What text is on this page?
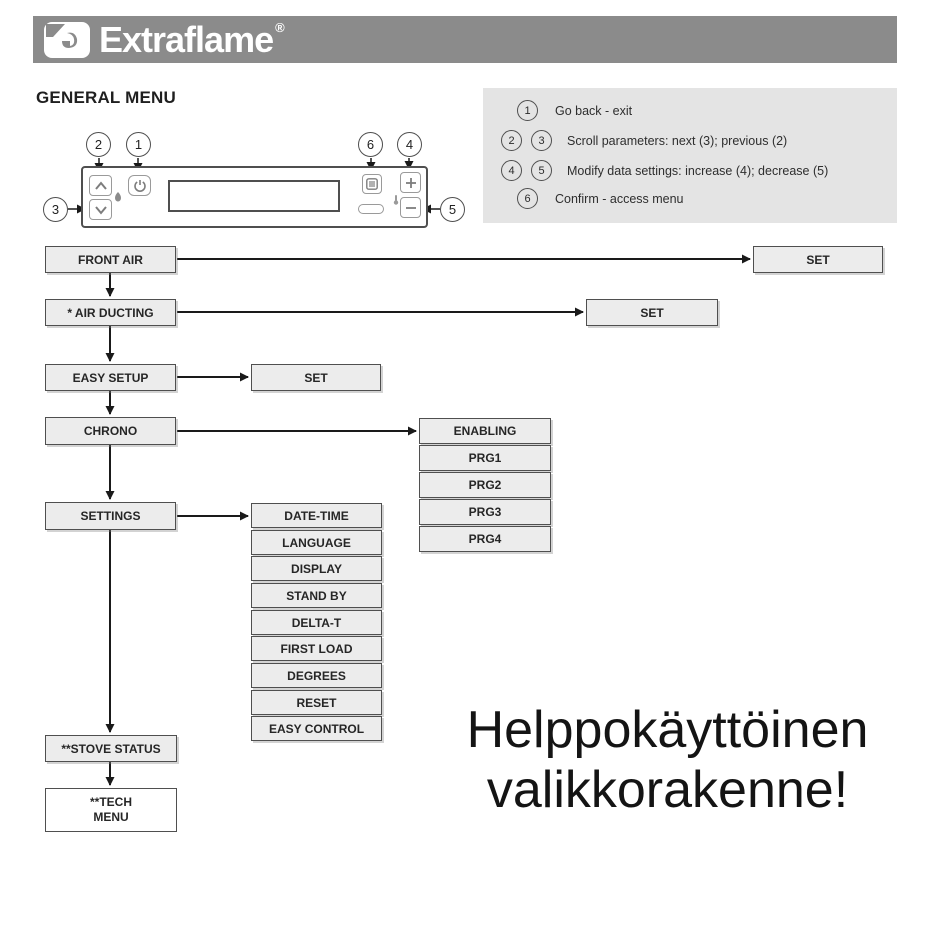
Extraflame ®
GENERAL MENU
1	Go back - exit
2	3	Scroll parameters: next (3); previous (2)
4	5	Modify data settings: increase (4); decrease (5)
6	Confirm - access menu
2	1	6	4
3	5
FRONT AIR	SET
* AIR DUCTING	SET
EASY SETUP	SET
CHRONO	ENABLING
PRG1
PRG2
PRG3
PRG4
SETTINGS	DATE-TIME
LANGUAGE
DISPLAY
STAND BY
DELTA-T
FIRST LOAD
DEGREES
RESET
EASY CONTROL
**STOVE STATUS
**TECH
MENU
Helppokäyttöinen
valikkorakenne!
